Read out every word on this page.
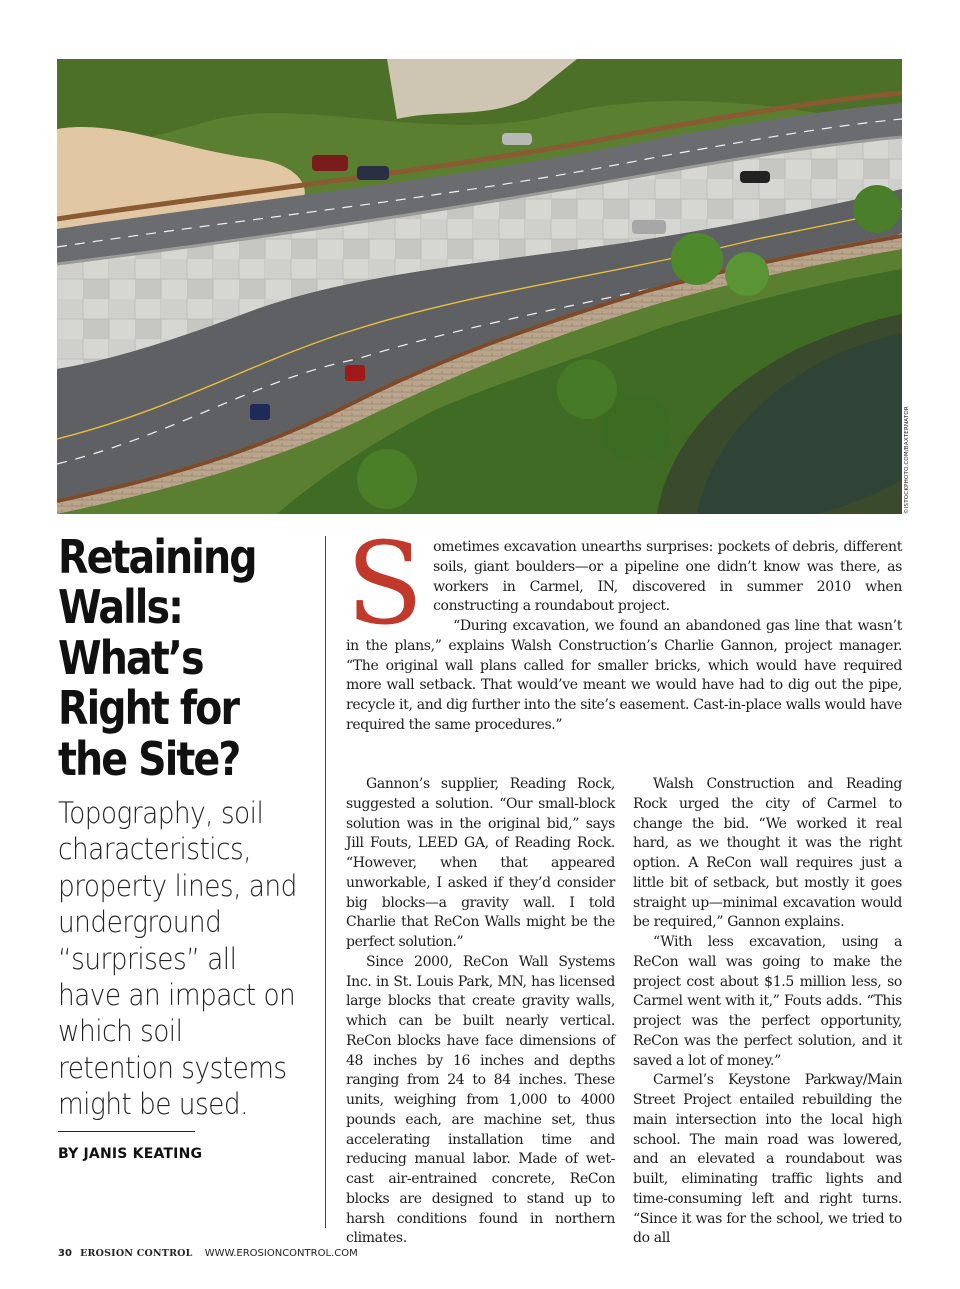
©ISTOCKPHOTO.COM/BAXTERNATOR
Retaining Walls: What’s Right for the Site?

Topography, soil characteristics, property lines, and underground “surprises” all have an impact on which soil retention systems might be used.

BY JANIS KEATING
S ometimes excavation unearths surprises: pockets of debris, different soils, giant boulders—or a pipeline one didn’t know was there, as workers in Carmel, IN, discovered in summer 2010 when constructing a roundabout project.

“During excavation, we found an abandoned gas line that wasn’t in the plans,” explains Walsh Construction’s Charlie Gannon, project manager. “The original wall plans called for smaller bricks, which would have required more wall setback. That would’ve meant we would have had to dig out the pipe, recycle it, and dig further into the site’s easement. Cast-in-place walls would have required the same procedures.”

Gannon’s supplier, Reading Rock, suggested a solution. “Our small-block solution was in the original bid,” says Jill Fouts, LEED GA, of Reading Rock. “However, when that appeared unworkable, I asked if they’d consider big blocks—a gravity wall. I told Charlie that ReCon Walls might be the perfect solution.”

Since 2000, ReCon Wall Systems Inc. in St. Louis Park, MN, has licensed large blocks that create gravity walls, which can be built nearly vertical. ReCon blocks have face dimensions of 48 inches by 16 inches and depths ranging from 24 to 84 inches. These units, weighing from 1,000 to 4000 pounds each, are machine set, thus accelerating installation time and reducing manual labor. Made of wet-cast air-entrained concrete, ReCon blocks are designed to stand up to harsh conditions found in northern climates.

Walsh Construction and Reading Rock urged the city of Carmel to change the bid. “We worked it real hard, as we thought it was the right option. A ReCon wall requires just a little bit of setback, but mostly it goes straight up—minimal excavation would be required,” Gannon explains.

“With less excavation, using a ReCon wall was going to make the project cost about $1.5 million less, so Carmel went with it,” Fouts adds. “This project was the perfect opportunity, ReCon was the perfect solution, and it saved a lot of money.”

Carmel’s Keystone Parkway/Main Street Project entailed rebuilding the main intersection into the local high school. The main road was lowered, and an elevated a roundabout was built, eliminating traffic lights and time-consuming left and right turns. “Since it was for the school, we tried to do all

30 EROSION CONTROL WWW.EROSIONCONTROL.COM
